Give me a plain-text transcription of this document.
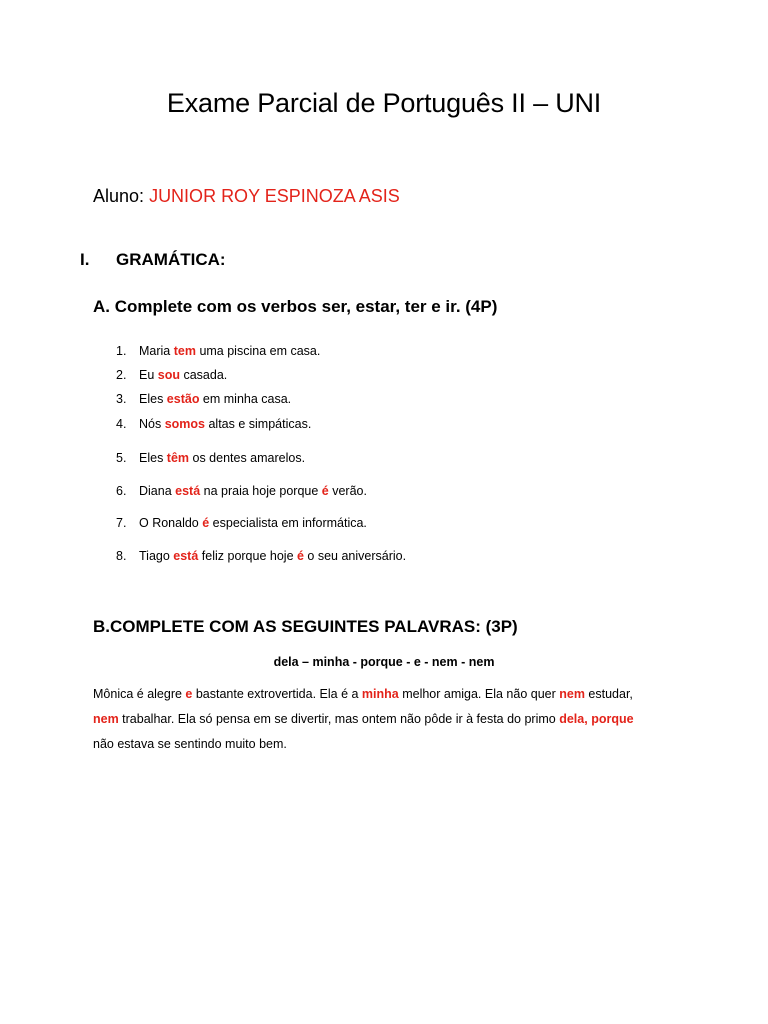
Exame Parcial de Português II – UNI
Aluno: JUNIOR ROY ESPINOZA ASIS
I. GRAMÁTICA:
A. Complete com os verbos ser, estar, ter e ir. (4P)
1. Maria tem uma piscina em casa.
2. Eu sou casada.
3. Eles estão em minha casa.
4. Nós somos altas e simpáticas.
5. Eles têm os dentes amarelos.
6. Diana está na praia hoje porque é verão.
7. O Ronaldo é especialista em informática.
8. Tiago está feliz porque hoje é o seu aniversário.
B.COMPLETE COM AS SEGUINTES PALAVRAS: (3P)
dela – minha - porque - e - nem - nem
Mônica é alegre e bastante extrovertida. Ela é a minha melhor amiga. Ela não quer nem estudar,
nem trabalhar. Ela só pensa em se divertir, mas ontem não pôde ir à festa do primo dela, porque
não estava se sentindo muito bem.
